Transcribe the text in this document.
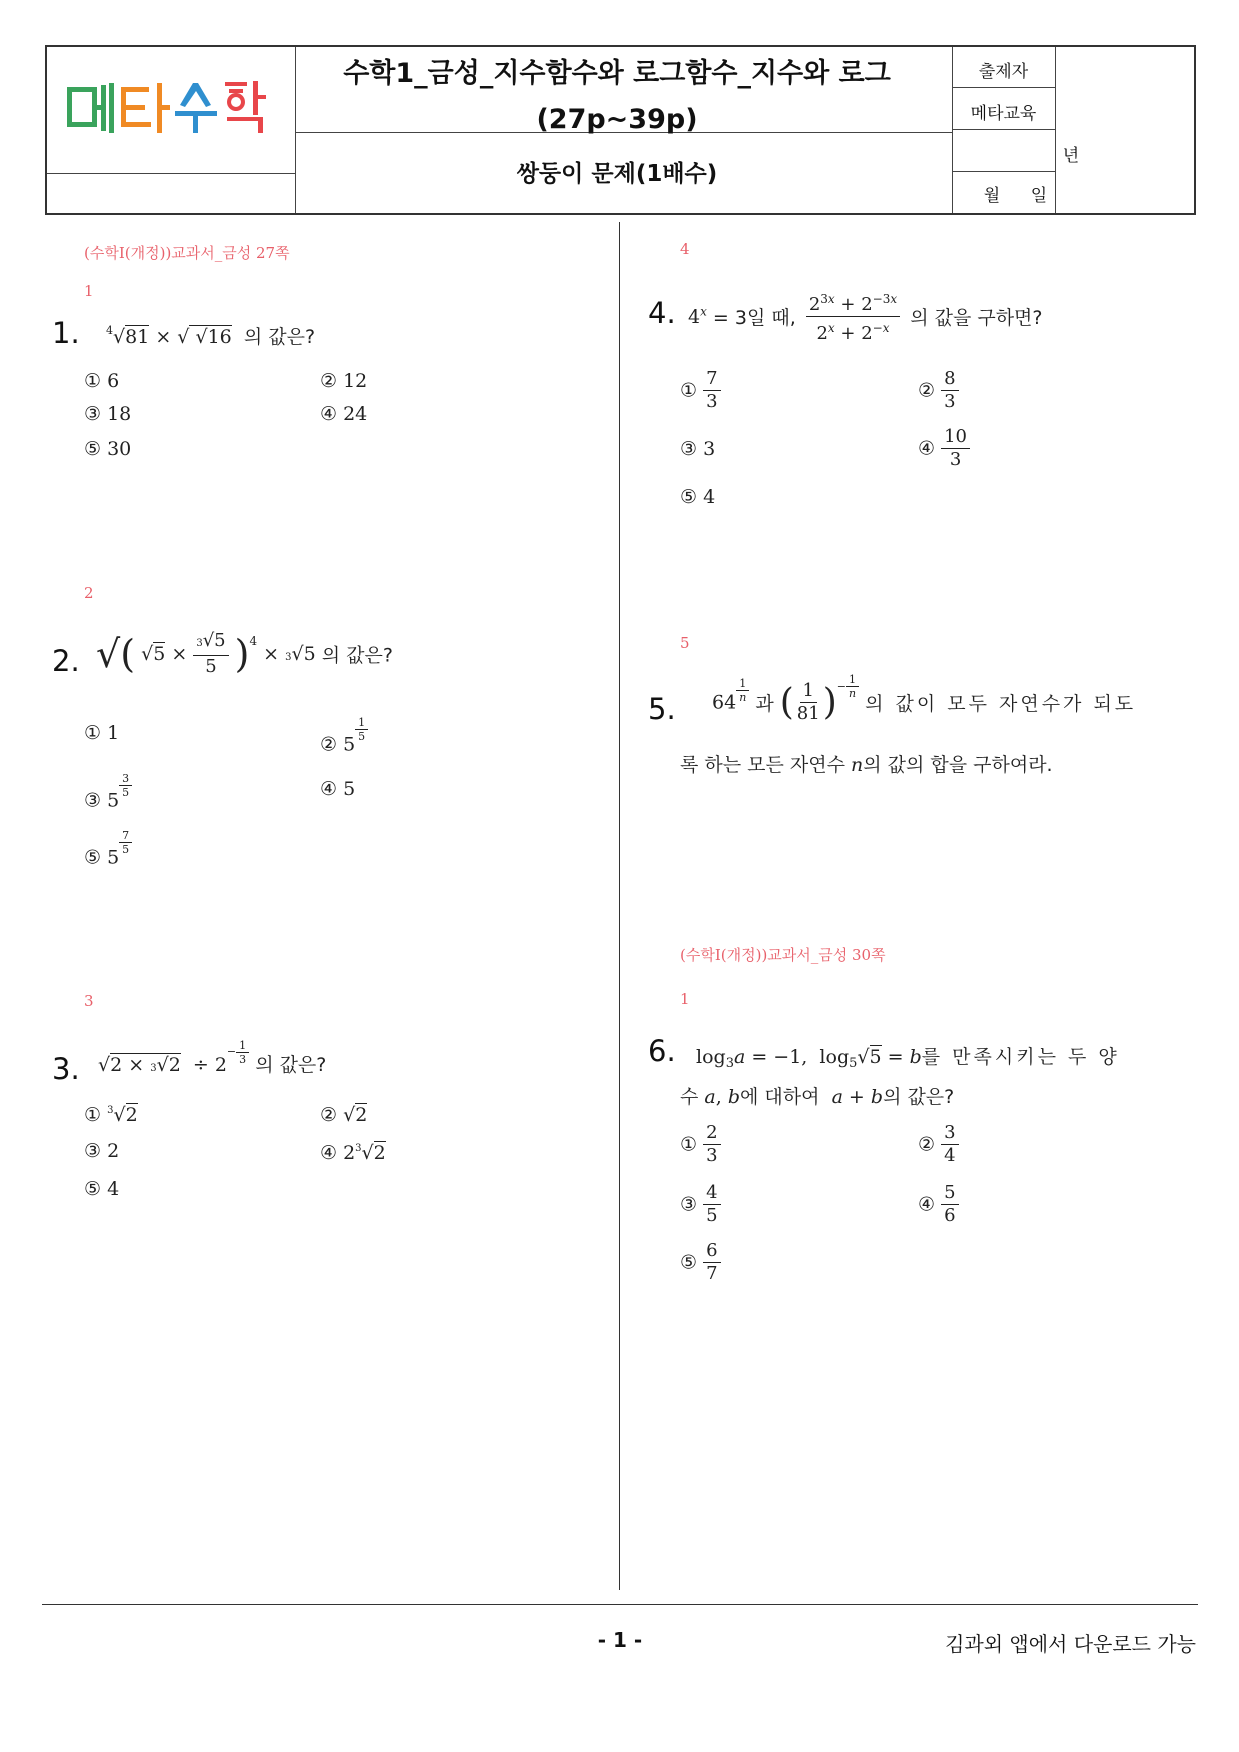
수학1_금성_지수함수와 로그함수_지수와 로그
(27p~39p)
쌍둥이 문제(1배수)
출제자
메타교육
년
월	일
(수학I(개정))교과서_금성 27쪽
1
1. $^4$√81 × √ √16 의 값은?
① 6	② 12
③ 18	④ 24
⑤ 30
2
2. √( $√5 \times \frac{3√5}{5} )^4 \times 3√5$ 의 값은?
① 1
② 5
$\frac{1}{5}$
③ 5
$\frac{3}{5}$	④ 5
⑤ 5
$\frac{7}{5}$
3
3. $√2 \times 3√2 \div 2^{- \frac{1}{3}}$ 의 값은?
① $^3$√2	② √2
③ 2	④ $2^3√2$
⑤ 4
4
4. $4^x = 3$일 때, $\frac{2^{3x} + 2^{-3x}}{2^x + 2^{-x}}$ 의 값을 구하면?
① $\frac{7}{3}$	② $\frac{8}{3}$
③ 3	④ $\frac{10}{3}$
⑤ 4
5
5. $64 \frac{1}{n}$ 과 ( $\frac{1}{81} )^{- \frac{1}{n}}$
의 값이 모두 자연수가 되도
록 하는 모든 자연수 n의 값의 합을 구하여라.
(수학I(개정))교과서_금성 30쪽
1
6. $\log_3a = -1$,  $\log_5√5 = b$를 만족시키는 두 양
수 a, b에 대하여 a + b의 값은?
① $\frac{2}{3}$	② $\frac{3}{4}$
③ $\frac{4}{5}$	④ $\frac{5}{6}$
⑤ $\frac{6}{7}$
- 1 -	김과외 앱에서 다운로드 가능
